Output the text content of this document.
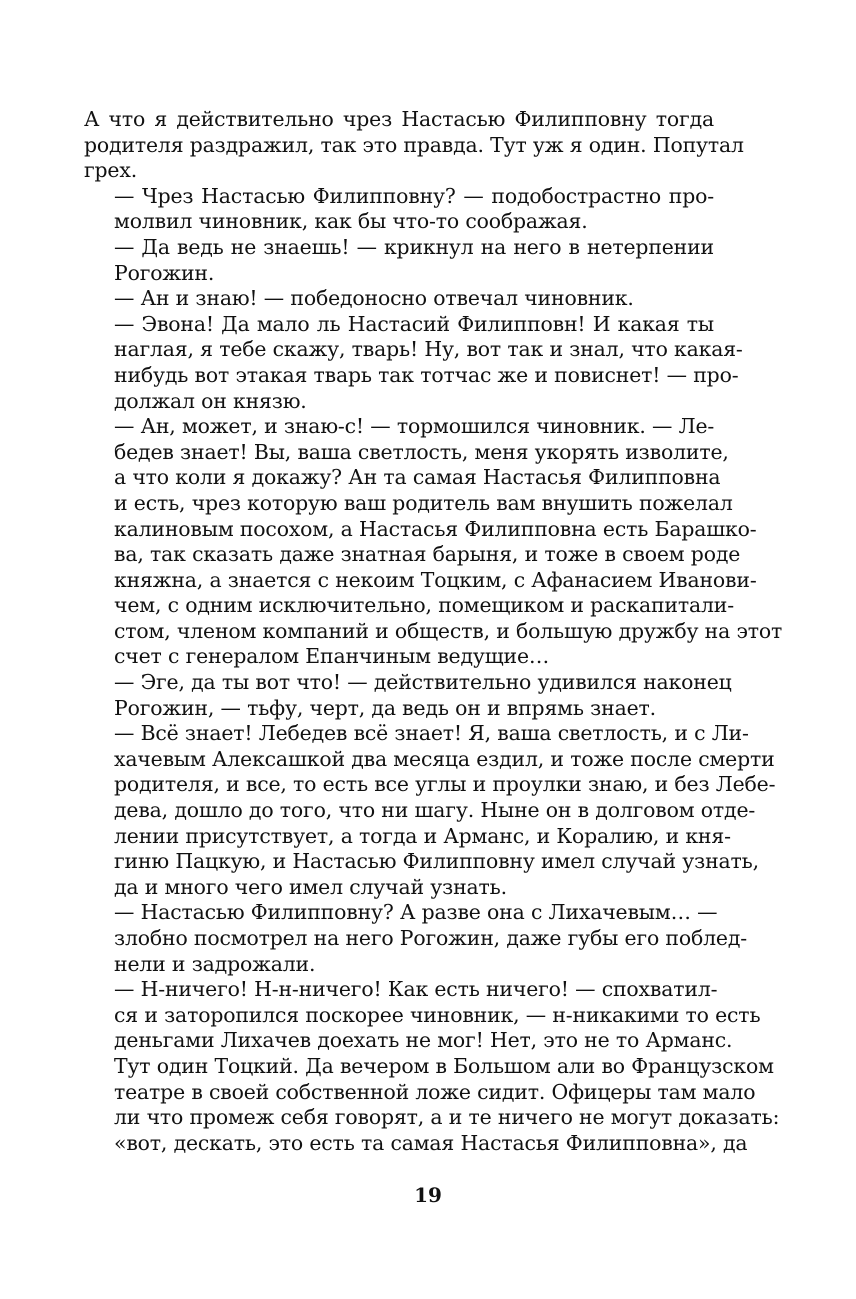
А что я действительно чрез Настасью Филипповну тогда
родителя раздражил, так это правда. Тут уж я один. Попутал
грех.

— Чрез Настасью Филипповну? — подобострастно про-
молвил чиновник, как бы что-то соображая.

— Да ведь не знаешь! — крикнул на него в нетерпении
Рогожин.

— Ан и знаю! — победоносно отвечал чиновник.

— Эвона! Да мало ль Настасий Филипповн! И какая ты
наглая, я тебе скажу, тварь! Ну, вот так и знал, что какая-
нибудь вот этакая тварь так тотчас же и повиснет! — про-
должал он князю.

— Ан, может, и знаю-с! — тормошился чиновник. — Ле-
бедев знает! Вы, ваша светлость, меня укорять изволите,
а что коли я докажу? Ан та самая Настасья Филипповна
и есть, чрез которую ваш родитель вам внушить пожелал
калиновым посохом, а Настасья Филипповна есть Барашко-
ва, так сказать даже знатная барыня, и тоже в своем роде
княжна, а знается с некоим Тоцким, с Афанасием Иванови-
чем, с одним исключительно, помещиком и раскапитали-
стом, членом компаний и обществ, и большую дружбу на этот
счет с генералом Епанчиным ведущие…

— Эге, да ты вот что! — действительно удивился наконец
Рогожин, — тьфу, черт, да ведь он и впрямь знает.

— Всё знает! Лебедев всё знает! Я, ваша светлость, и с Ли-
хачевым Алексашкой два месяца ездил, и тоже после смерти
родителя, и все, то есть все углы и проулки знаю, и без Лебе-
дева, дошло до того, что ни шагу. Ныне он в долговом отде-
лении присутствует, а тогда и Арманс, и Коралию, и кня-
гиню Пацкую, и Настасью Филипповну имел случай узнать,
да и много чего имел случай узнать.

— Настасью Филипповну? А разве она с Лихачевым… —
злобно посмотрел на него Рогожин, даже губы его поблед-
нели и задрожали.

— Н-ничего! Н-н-ничего! Как есть ничего! — спохватил-
ся и заторопился поскорее чиновник, — н-никакими то есть
деньгами Лихачев доехать не мог! Нет, это не то Арманс.
Тут один Тоцкий. Да вечером в Большом али во Французском
театре в своей собственной ложе сидит. Офицеры там мало
ли что промеж себя говорят, а и те ничего не могут доказать:
«вот, дескать, это есть та самая Настасья Филипповна», да

19
